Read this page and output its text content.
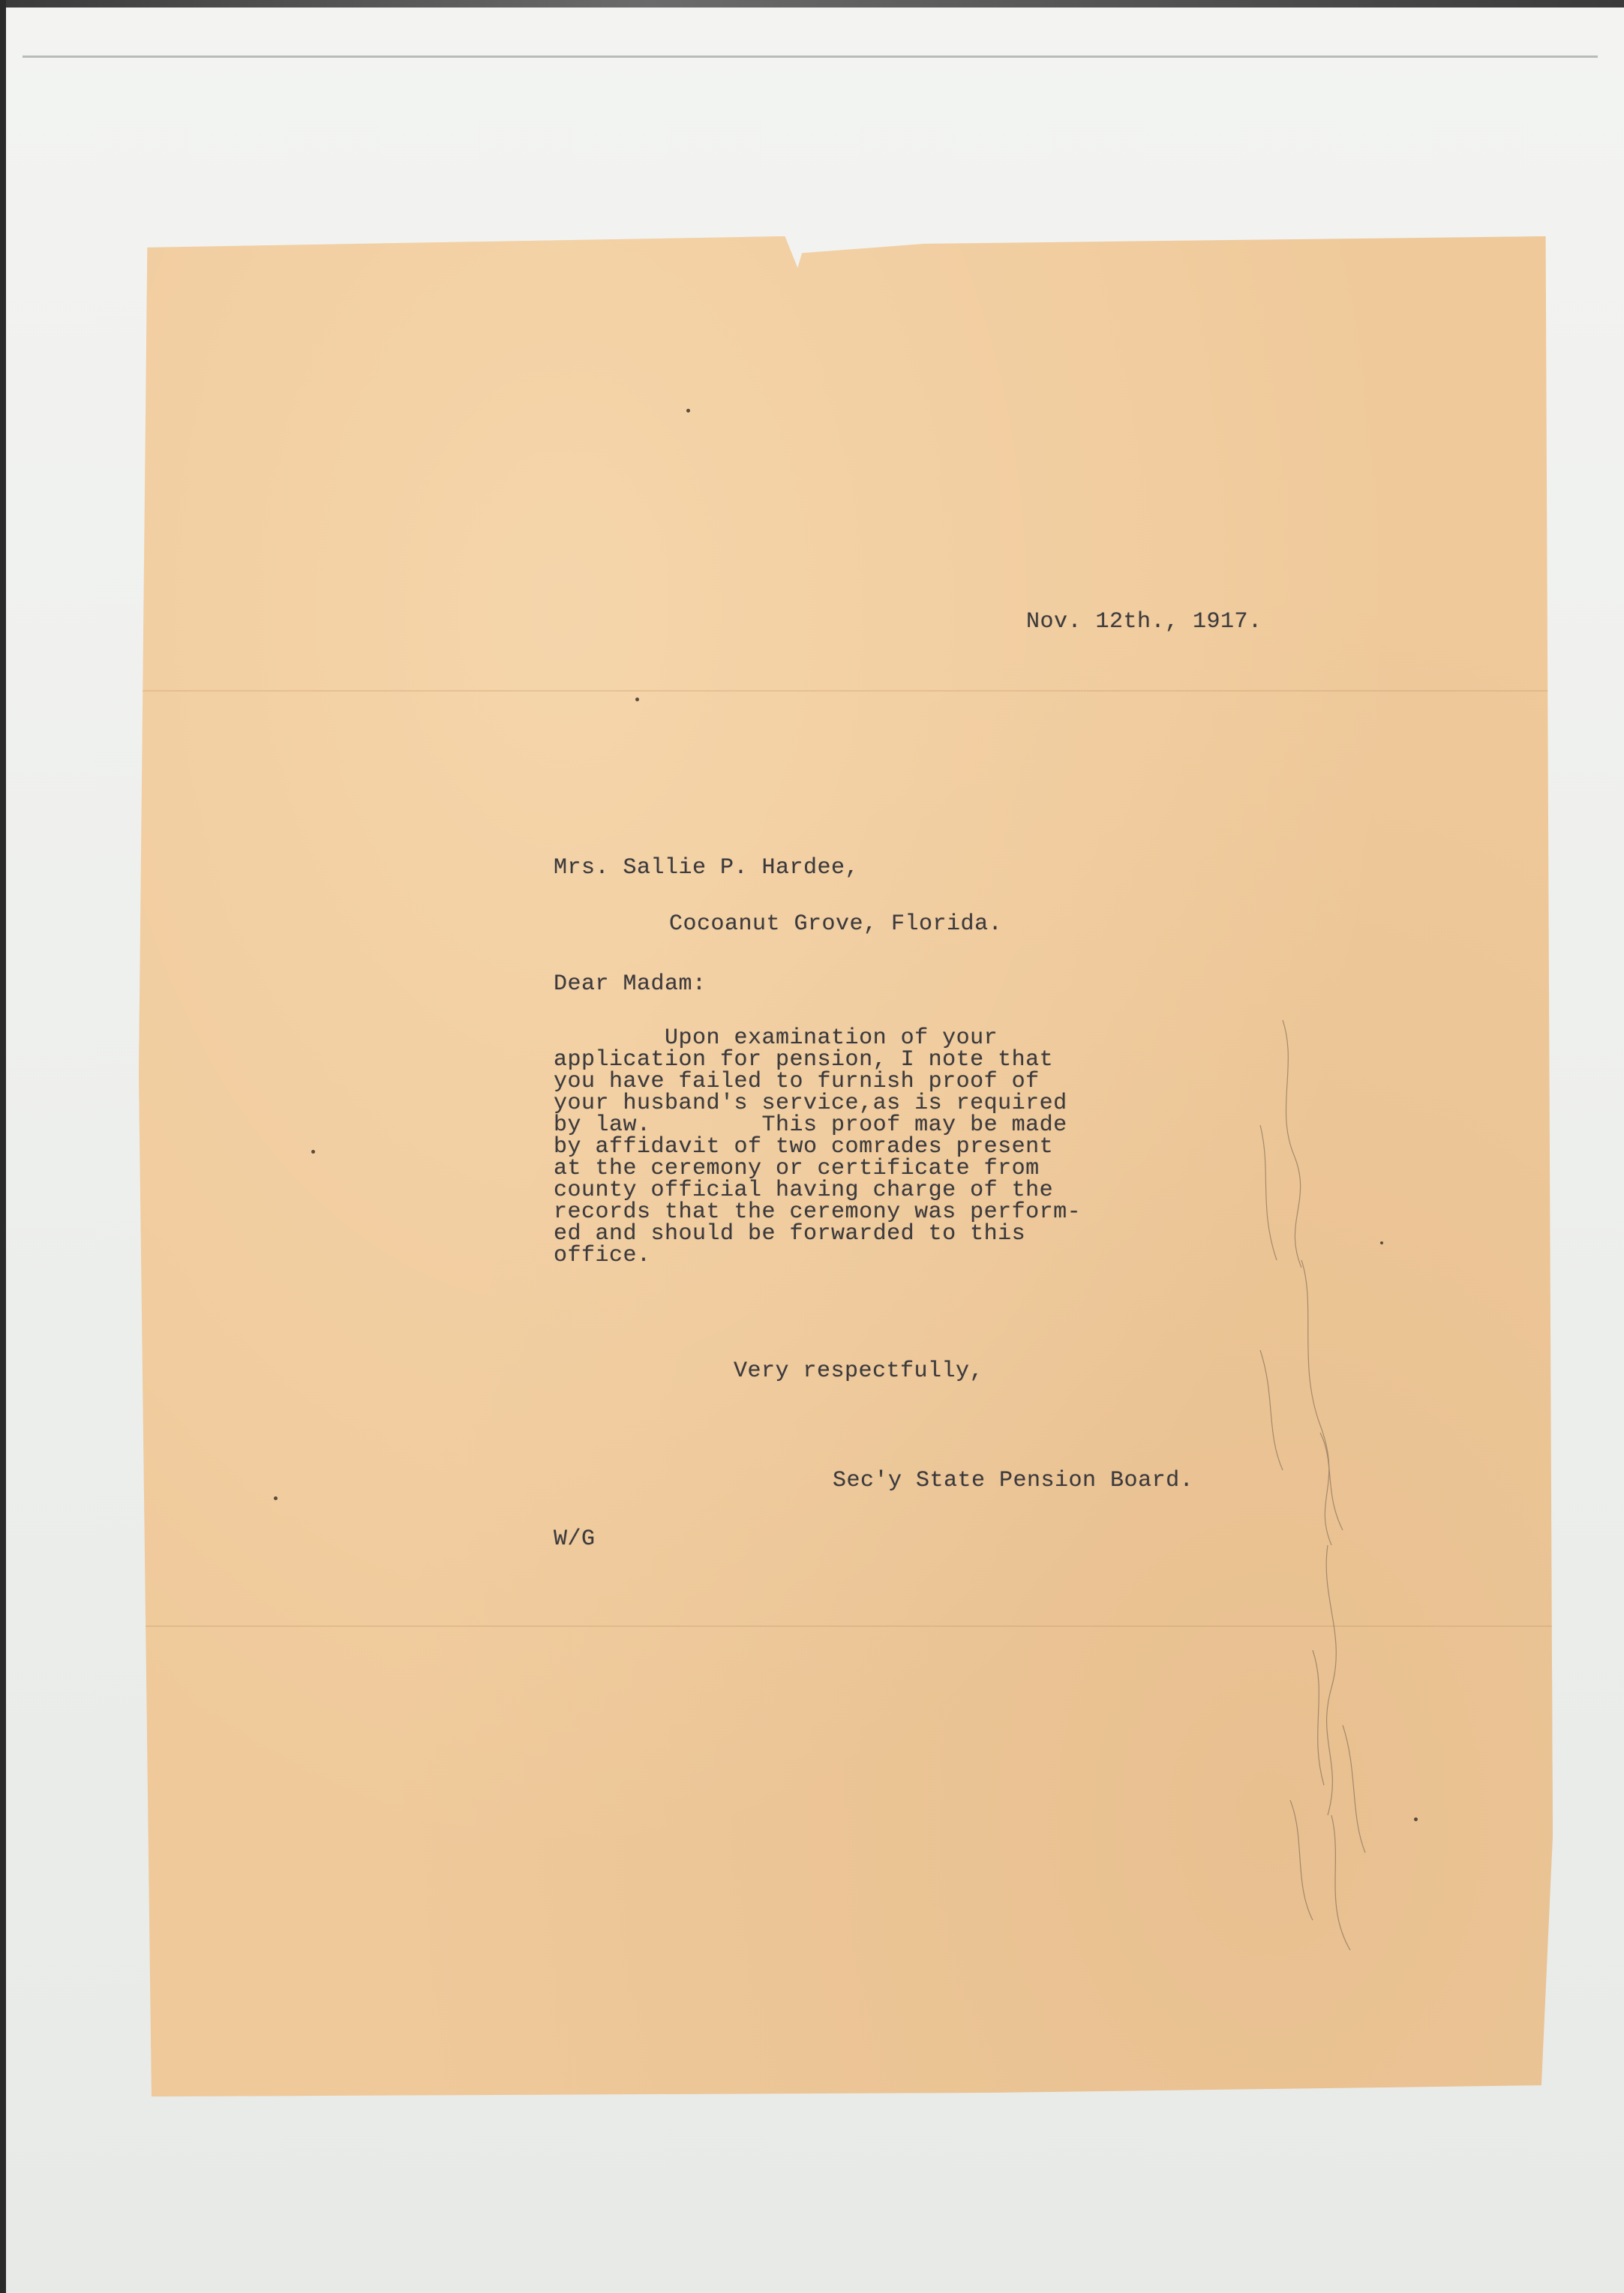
Nov. 12th., 1917.
Mrs. Sallie P. Hardee,
Cocoanut Grove, Florida.
Dear Madam:
Upon examination of your
application for pension, I note that
you have failed to furnish proof of
your husband's service,as is required
by law.        This proof may be made
by affidavit of two comrades present
at the ceremony or certificate from
county official having charge of the
records that the ceremony was perform-
ed and should be forwarded to this
office.
Very respectfully,
Sec'y State Pension Board.
W/G
